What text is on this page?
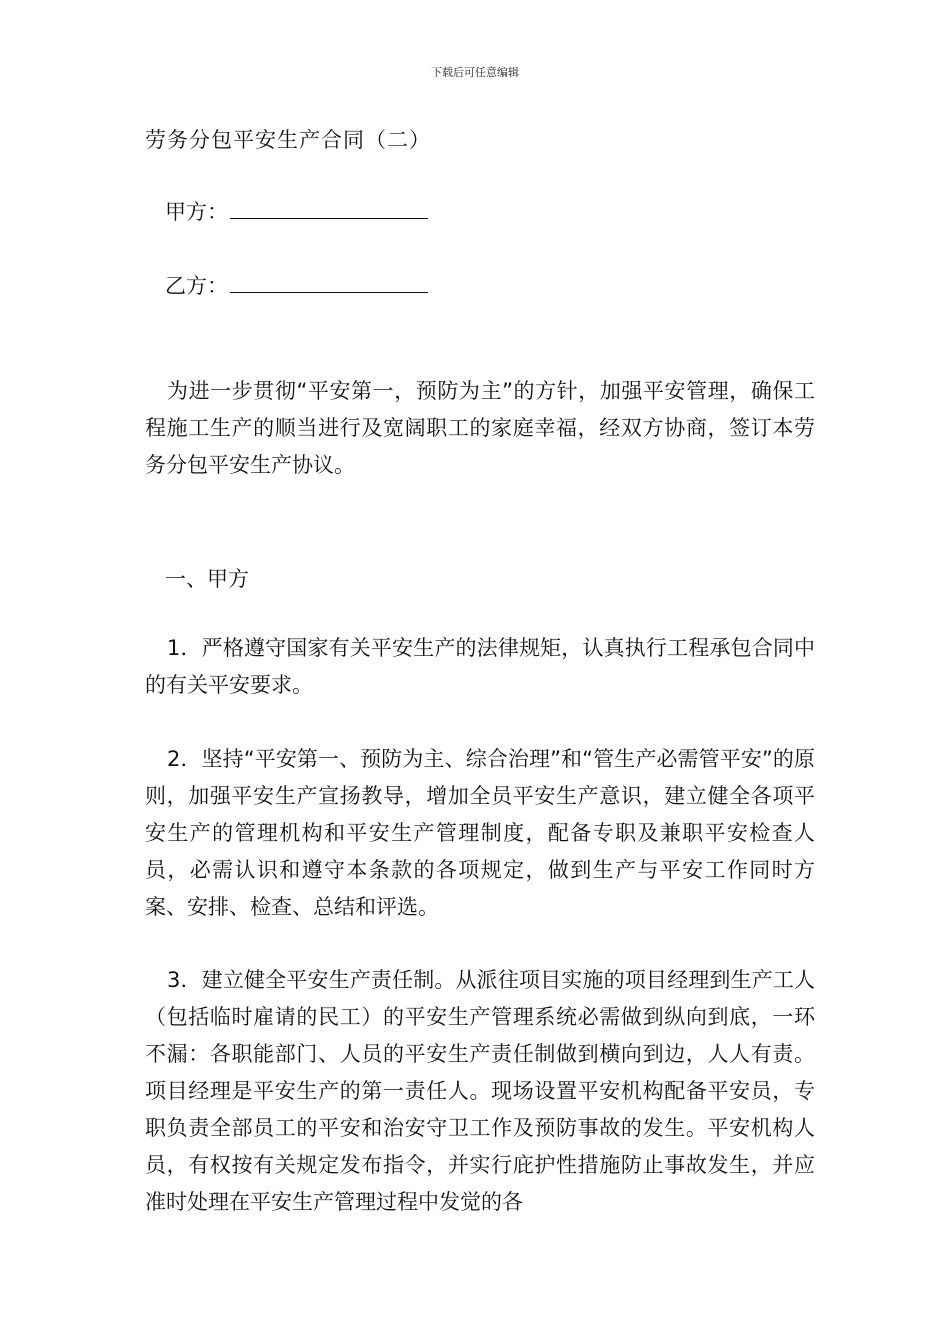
下载后可任意编辑
劳务分包平安生产合同（二）
甲方：
乙方：

为进一步贯彻“平安第一，预防为主”的方针，加强平安管理，确保工程施工生产的顺当进行及宽阔职工的家庭幸福，经双方协商，签订本劳务分包平安生产协议。

一、甲方

1．严格遵守国家有关平安生产的法律规矩，认真执行工程承包合同中的有关平安要求。

2．坚持“平安第一、预防为主、综合治理”和“管生产必需管平安”的原则，加强平安生产宣扬教导，增加全员平安生产意识，建立健全各项平安生产的管理机构和平安生产管理制度，配备专职及兼职平安检查人员，必需认识和遵守本条款的各项规定，做到生产与平安工作同时方案、安排、检查、总结和评选。

3．建立健全平安生产责任制。从派往项目实施的项目经理到生产工人（包括临时雇请的民工）的平安生产管理系统必需做到纵向到底，一环不漏：各职能部门、人员的平安生产责任制做到横向到边，人人有责。项目经理是平安生产的第一责任人。现场设置平安机构配备平安员，专职负责全部员工的平安和治安守卫工作及预防事故的发生。平安机构人员，有权按有关规定发布指令，并实行庇护性措施防止事故发生，并应准时处理在平安生产管理过程中发觉的各
